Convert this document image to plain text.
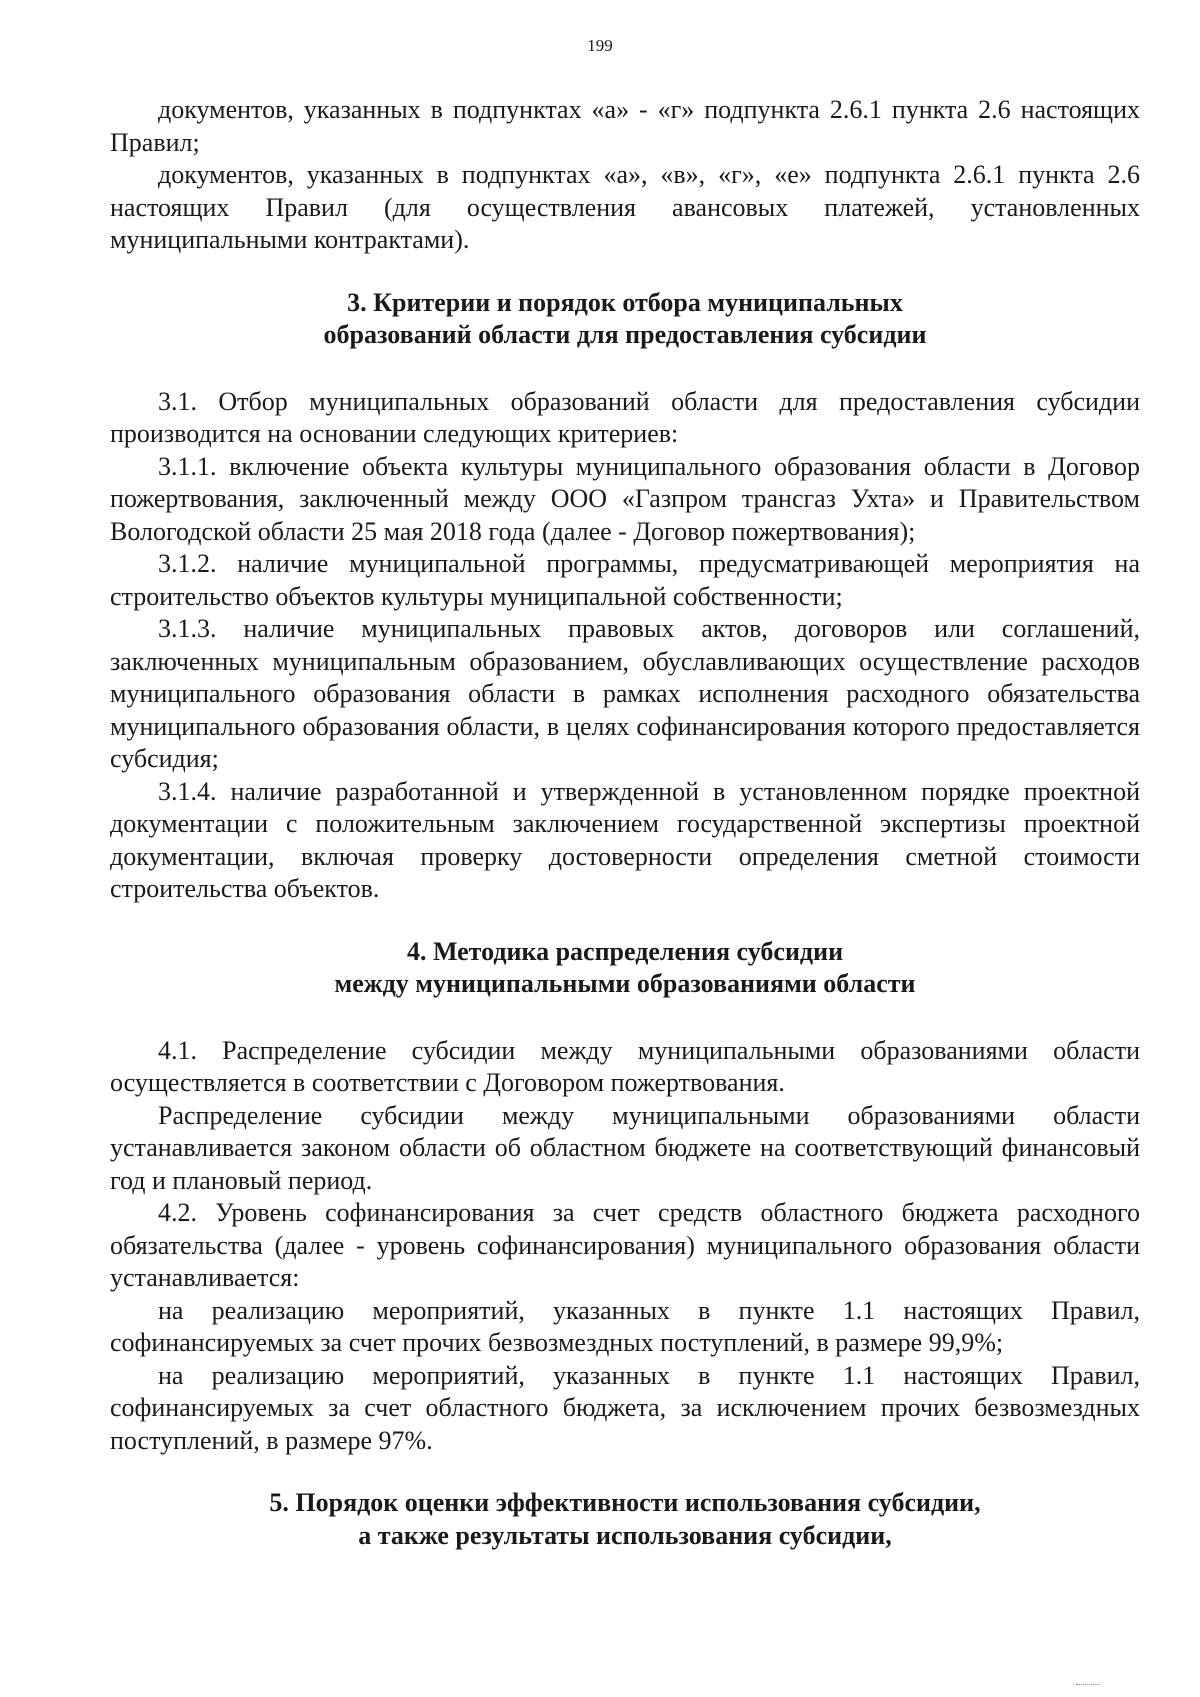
199

документов, указанных в подпунктах «а» - «г» подпункта 2.6.1 пункта 2.6 настоящих Правил;

документов, указанных в подпунктах «а», «в», «г», «е» подпункта 2.6.1 пункта 2.6 настоящих Правил (для осуществления авансовых платежей, установленных муниципальными контрактами).

3. Критерии и порядок отбора муниципальных
образований области для предоставления субсидии

3.1. Отбор муниципальных образований области для предоставления субсидии производится на основании следующих критериев:

3.1.1. включение объекта культуры муниципального образования области в Договор пожертвования, заключенный между ООО «Газпром трансгаз Ухта» и Правительством Вологодской области 25 мая 2018 года (далее - Договор пожертвования);

3.1.2. наличие муниципальной программы, предусматривающей мероприятия на строительство объектов культуры муниципальной собственности;

3.1.3. наличие муниципальных правовых актов, договоров или соглашений, заключенных муниципальным образованием, обуславливающих осуществление расходов муниципального образования области в рамках исполнения расходного обязательства муниципального образования области, в целях софинансирования которого предоставляется субсидия;

3.1.4. наличие разработанной и утвержденной в установленном порядке проектной документации с положительным заключением государственной экспертизы проектной документации, включая проверку достоверности определения сметной стоимости строительства объектов.

4. Методика распределения субсидии
между муниципальными образованиями области

4.1. Распределение субсидии между муниципальными образованиями области осуществляется в соответствии с Договором пожертвования.

Распределение субсидии между муниципальными образованиями области устанавливается законом области об областном бюджете на соответствующий финансовый год и плановый период.

4.2. Уровень софинансирования за счет средств областного бюджета расходного обязательства (далее - уровень софинансирования) муниципального образования области устанавливается:

на реализацию мероприятий, указанных в пункте 1.1 настоящих Правил, софинансируемых за счет прочих безвозмездных поступлений, в размере 99,9%;

на реализацию мероприятий, указанных в пункте 1.1 настоящих Правил, софинансируемых за счет областного бюджета, за исключением прочих безвозмездных поступлений, в размере 97%.

5. Порядок оценки эффективности использования субсидии,
а также результаты использования субсидии,
